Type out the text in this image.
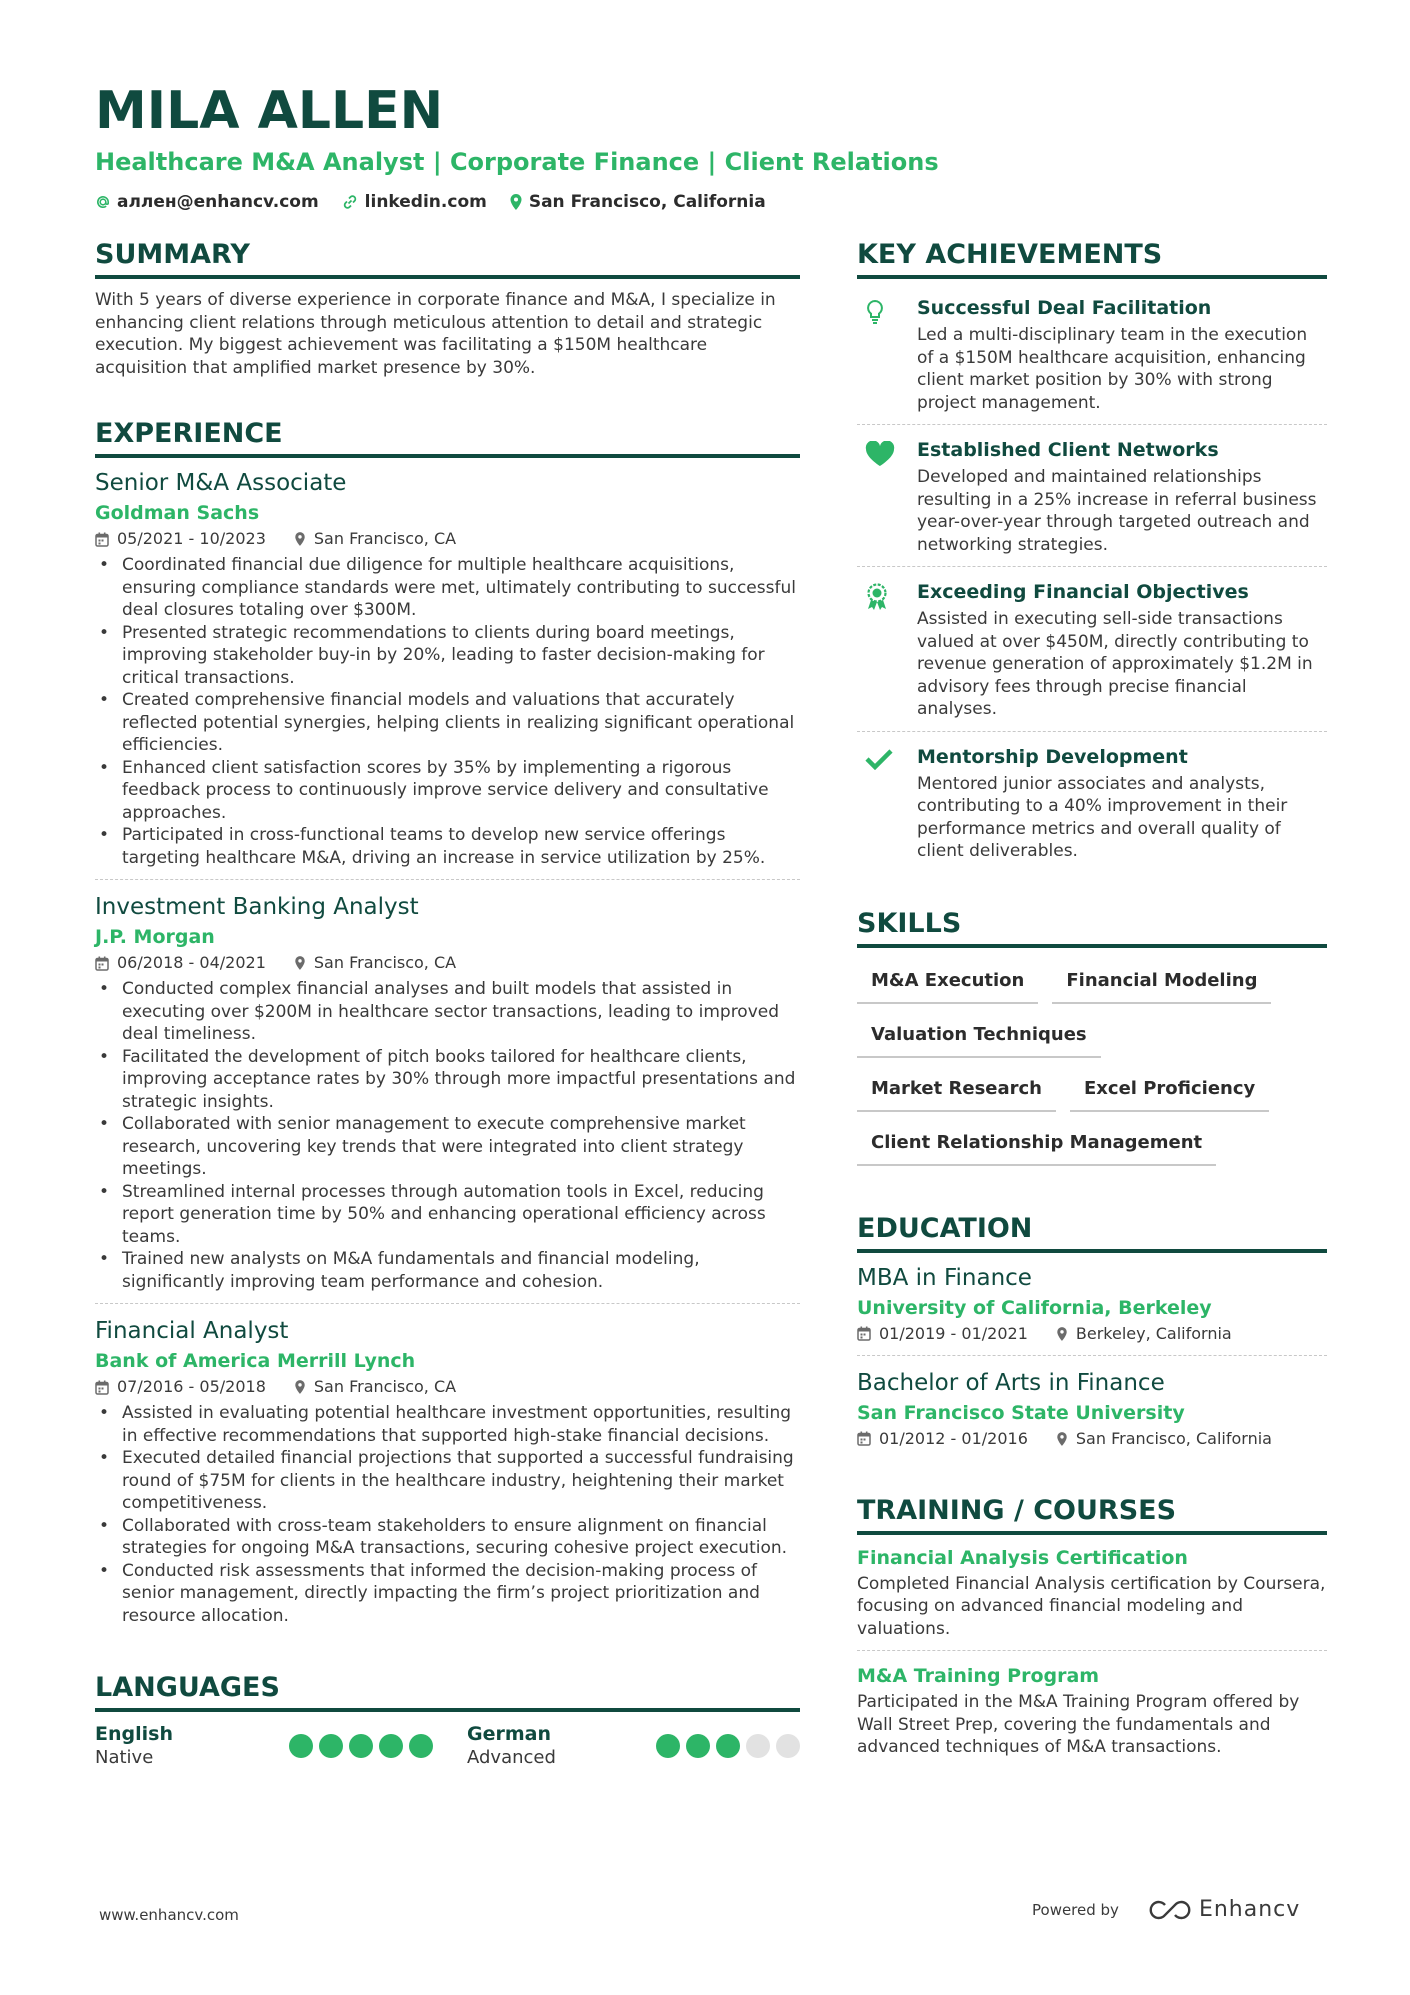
MILA ALLEN
Healthcare M&A Analyst | Corporate Finance | Client Relations
аллен@enhancv.com	linkedin.com San Francisco, California
SUMMARY
With 5 years of diverse experience in corporate finance and M&A, I specialize in enhancing client relations through meticulous attention to detail and strategic execution. My biggest achievement was facilitating a $150M healthcare acquisition that amplified market presence by 30%.
EXPERIENCE
Senior M&A Associate
Goldman Sachs
05/2021 - 10/2023	San Francisco, CA
• Coordinated financial due diligence for multiple healthcare acquisitions, ensuring compliance standards were met, ultimately contributing to successful deal closures totaling over $300M.
• Presented strategic recommendations to clients during board meetings, improving stakeholder buy-in by 20%, leading to faster decision-making for critical transactions.
• Created comprehensive financial models and valuations that accurately reflected potential synergies, helping clients in realizing significant operational efficiencies.
• Enhanced client satisfaction scores by 35% by implementing a rigorous feedback process to continuously improve service delivery and consultative approaches.
• Participated in cross-functional teams to develop new service offerings targeting healthcare M&A, driving an increase in service utilization by 25%.
Investment Banking Analyst
J.P. Morgan
06/2018 - 04/2021	San Francisco, CA
• Conducted complex financial analyses and built models that assisted in executing over $200M in healthcare sector transactions, leading to improved deal timeliness.
• Facilitated the development of pitch books tailored for healthcare clients, improving acceptance rates by 30% through more impactful presentations and strategic insights.
• Collaborated with senior management to execute comprehensive market research, uncovering key trends that were integrated into client strategy meetings.
• Streamlined internal processes through automation tools in Excel, reducing report generation time by 50% and enhancing operational efficiency across teams.
• Trained new analysts on M&A fundamentals and financial modeling, significantly improving team performance and cohesion.
Financial Analyst
Bank of America Merrill Lynch
07/2016 - 05/2018	San Francisco, CA
• Assisted in evaluating potential healthcare investment opportunities, resulting in effective recommendations that supported high-stake financial decisions.
• Executed detailed financial projections that supported a successful fundraising round of $75M for clients in the healthcare industry, heightening their market competitiveness.
• Collaborated with cross-team stakeholders to ensure alignment on financial strategies for ongoing M&A transactions, securing cohesive project execution.
• Conducted risk assessments that informed the decision-making process of senior management, directly impacting the firm’s project prioritization and resource allocation.
LANGUAGES
English
Native
German
Advanced
KEY ACHIEVEMENTS
Successful Deal Facilitation
Led a multi-disciplinary team in the execution of a $150M healthcare acquisition, enhancing client market position by 30% with strong project management.
Established Client Networks
Developed and maintained relationships resulting in a 25% increase in referral business year-over-year through targeted outreach and networking strategies.
Exceeding Financial Objectives
Assisted in executing sell-side transactions valued at over $450M, directly contributing to revenue generation of approximately $1.2M in advisory fees through precise financial analyses.
Mentorship Development
Mentored junior associates and analysts, contributing to a 40% improvement in their performance metrics and overall quality of client deliverables.
SKILLS
M&A Execution	Financial Modeling
Valuation Techniques
Market Research	Excel Proficiency
Client Relationship Management
EDUCATION
MBA in Finance
University of California, Berkeley
01/2019 - 01/2021	Berkeley, California
Bachelor of Arts in Finance
San Francisco State University
01/2012 - 01/2016	San Francisco, California
TRAINING / COURSES
Financial Analysis Certification
Completed Financial Analysis certification by Coursera, focusing on advanced financial modeling and valuations.
M&A Training Program
Participated in the M&A Training Program offered by Wall Street Prep, covering the fundamentals and advanced techniques of M&A transactions.
www.enhancv.com	Powered by	Enhancv
